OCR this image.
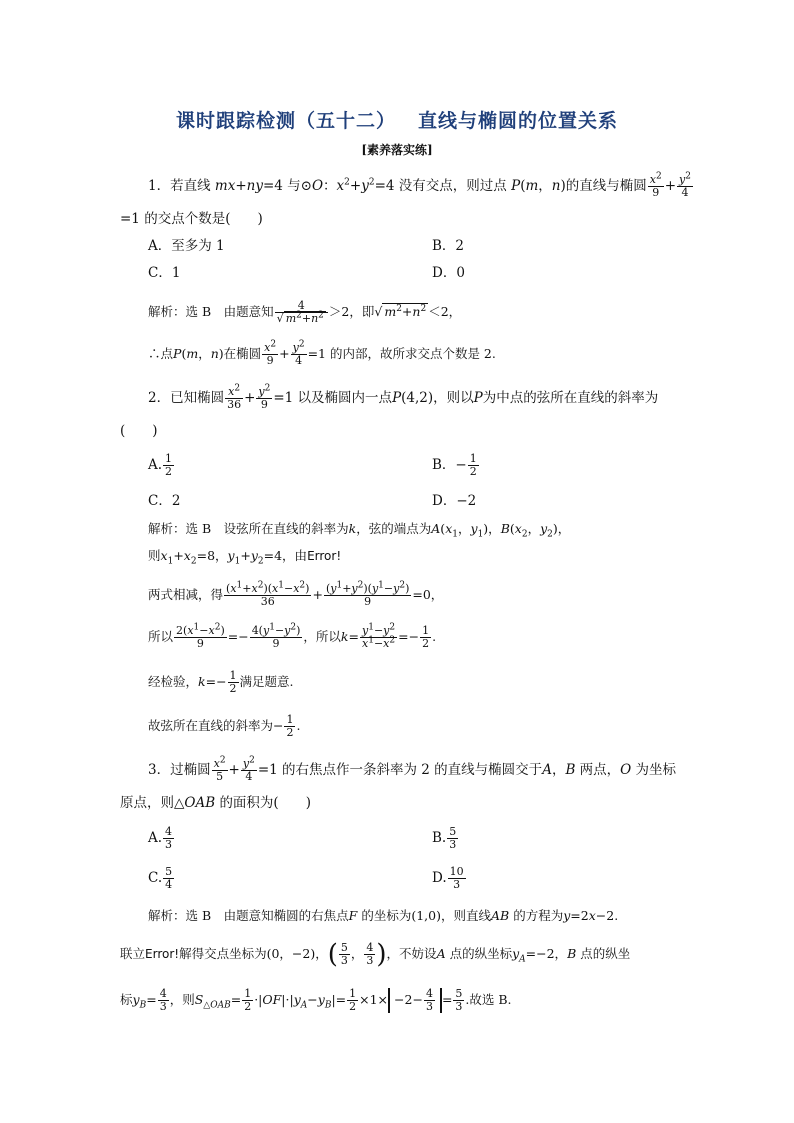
课时跟踪检测（五十二） 直线与椭圆的位置关系
[素养落实练]
1．若直线 mx+ny=4 与⊙O：$x^2+y^2=4$ 没有交点，则过点 P(m，n)的直线与椭圆 $\frac{x^2}{9} + \frac{y^2}{4}$
=1 的交点个数是(　　)
A．至多为 1	B．2
C．1	D．0
解析：选 B　由题意知 $\frac{4}{√ m^2+n^2} >2$，即√ $m^2+n^2 <2$，
∴点P(m，n)在椭圆 $\frac{x^2}{9} + \frac{y^2}{4} =1$ 的内部，故所求交点个数是 2.
2．已知椭圆 $\frac{x^2}{36} + \frac{y^2}{9} =1$ 以及椭圆内一点P(4,2)，则以P为中点的弦所在直线的斜率为
(　　)
A. $\frac{1}{2}$	B．− $\frac{1}{2}$
C．2	D．−2
解析：选 B　设弦所在直线的斜率为k，弦的端点为$A(x_1$，$y_1$)，$B(x_2$，$y_2$)，
则$x_1+x_2=8$，$y_1+y_2=4$，由Error!
两式相减，得 $\frac{(x^1+x^2)(x^1-x^2)}{36} + \frac{(y^1+y^2)(y^1-y^2)}{9} =0$，
所以 $\frac{2(x^1-x^2)}{9} =- \frac{4(y^1-y^2)}{9}$ ，所以$k= \frac{y^1-y^2}{x^1-x^2} =- \frac{1}{2}$ .
经检验，$k=- \frac{1}{2}$ 满足题意.
故弦所在直线的斜率为− $\frac{1}{2}$ .
3．过椭圆 $\frac{x^2}{5} + \frac{y^2}{4} =1$ 的右焦点作一条斜率为 2 的直线与椭圆交于A，B 两点，O 为坐标
原点，则△OAB 的面积为(　　)
A. $\frac{4}{3}$	B. $\frac{5}{3}$
C. $\frac{5}{4}$	D. $\frac{10}{3}$
解析：选 B　由题意知椭圆的右焦点F 的坐标为(1,0)，则直线AB 的方程为y=2x−2.
联立Error!解得交点坐标为(0，−2)，( $\frac{5}{3}$ ， $\frac{4}{3}$ )，不妨设A 点的纵坐标$y_A=-2$，B 点的纵坐
标$y_B= \frac{4}{3}$ ，则$S_{\triangle OAB}= \frac{1}{2} \cdot|OF|\cdot|y_A-y_B|= \frac{1}{2} \times 1\times -2- \frac{4}{3} = \frac{5}{3}$ .故选 B.
